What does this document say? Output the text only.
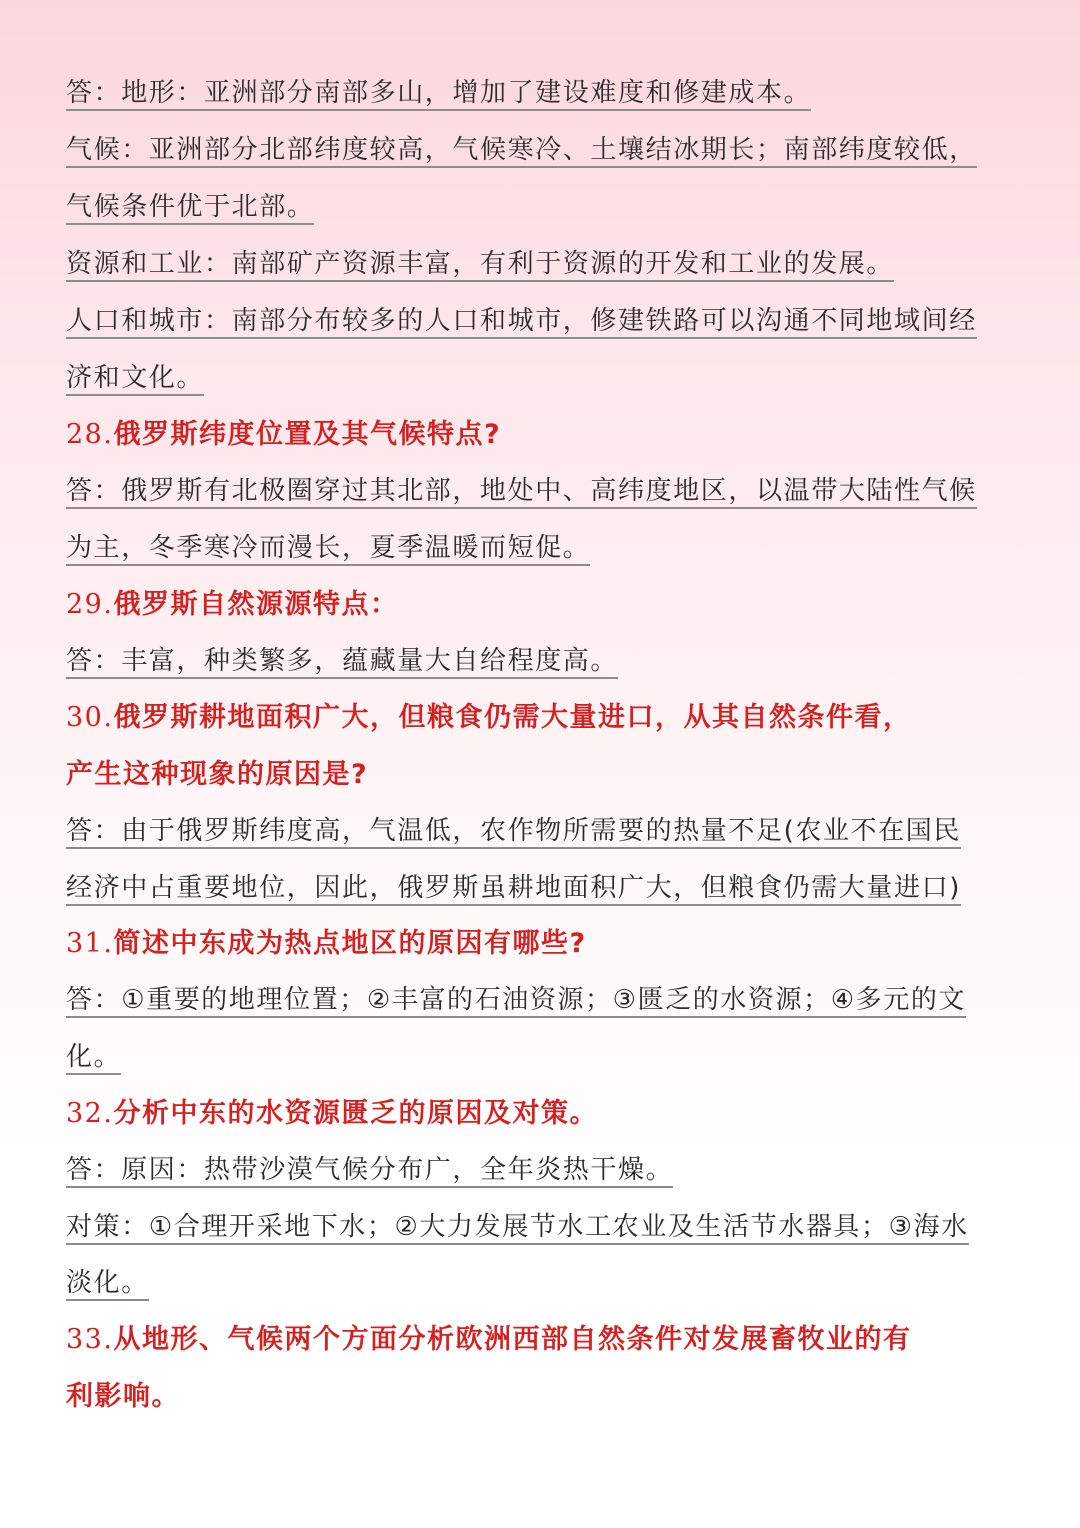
答：地形：亚洲部分南部多山，增加了建设难度和修建成本。
气候：亚洲部分北部纬度较高，气候寒冷、土壤结冰期长；南部纬度较低，
气候条件优于北部。
资源和工业：南部矿产资源丰富，有利于资源的开发和工业的发展。
人口和城市：南部分布较多的人口和城市，修建铁路可以沟通不同地域间经
济和文化。
28.俄罗斯纬度位置及其气候特点?
答：俄罗斯有北极圈穿过其北部，地处中、高纬度地区，以温带大陆性气候
为主，冬季寒冷而漫长，夏季温暖而短促。
29.俄罗斯自然源源特点：
答：丰富，种类繁多，蕴藏量大自给程度高。
30.俄罗斯耕地面积广大，但粮食仍需大量进口，从其自然条件看，
产生这种现象的原因是?
答：由于俄罗斯纬度高，气温低，农作物所需要的热量不足(农业不在国民
经济中占重要地位，因此，俄罗斯虽耕地面积广大，但粮食仍需大量进口)
31.简述中东成为热点地区的原因有哪些?
答：①重要的地理位置；②丰富的石油资源；③匮乏的水资源；④多元的文
化。
32.分析中东的水资源匮乏的原因及对策。
答：原因：热带沙漠气候分布广，全年炎热干燥。
对策：①合理开采地下水；②大力发展节水工农业及生活节水器具；③海水
淡化。
33.从地形、气候两个方面分析欧洲西部自然条件对发展畜牧业的有
利影响。
